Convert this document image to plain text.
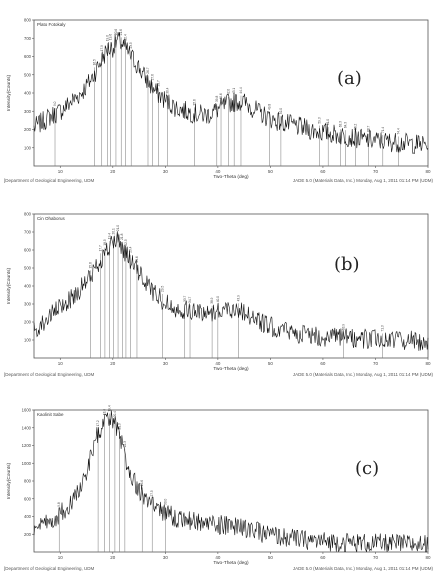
Plato Fotokaly
10	20	30	40	50	60	70	80
100
200
300
400
500
600
700
800
Two-Theta (deg)
Intensity(Counts)	9.0
16.5
17.9
19.0 19.6
20.6 21.6
22.4
23.5
26.7
27.6
28.7
30.4
35.6
39.8 40.6
42.0 43.1 44.4
49.8
52.0
59.3 61.0	63.3 64.3 66.2	68.7	71.4	74.4
(a)
[Department of Geological Engineering, UDM	JADE 5.0 (Materials Data, Inc.) Monday, Aug 1, 2011 01:14 PM (UDM)
Cin Ohaborus
10	20	30	40	50	60	70	80
100
200
300
400
500
600
700
800
Two-Theta (deg)
Intensity(Counts)
15.8
17.7
18.5
19.4
20.1
21.0
21.8
22.5
23.4
24.6
29.5
33.7 34.7	38.9 40.0	43.9
63.9	71.3
(b)
[Department of Geological Engineering, UDM	JADE 5.0 (Materials Data, Inc.) Monday, Aug 1, 2011 01:14 PM (UDM)
Kaolinit Sabe
10	20	30	40	50	60	70	80
200
400
600
800
1000
1200
1400
1600
Two-Theta (deg)
Intensity(Counts)
9.8
17.2
18.4
19.4
20.4
21.3
22.3
25.6
27.5
30.0
(c)
[Department of Geological Engineering, UDM	JADE 5.0 (Materials Data, Inc.) Monday, Aug 1, 2011 01:14 PM (UDM)
